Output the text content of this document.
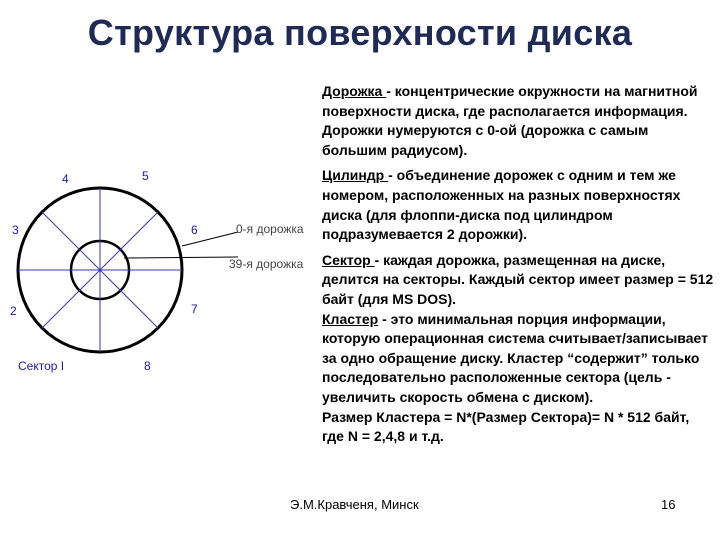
Структура поверхности диска
4	5
3	6
2	7
8
Сектор I
0-я дорожка
39-я дорожка

Дорожка - концентрические окружности на магнитной поверхности диска, где располагается информация. Дорожки нумеруются с 0-ой (дорожка с самым большим радиусом).

Цилиндр - объединение дорожек с одним и тем же номером, расположенных на разных поверхностях диска (для флоппи-диска под цилиндром подразумевается 2 дорожки).

Сектор - каждая дорожка, размещенная на диске, делится на секторы. Каждый сектор имеет размер = 512 байт (для MS DOS).

Кластер - это минимальная порция информации, которую операционная система считывает/записывает за одно обращение диску. Кластер “содержит” только последовательно расположенные сектора (цель - увеличить скорость обмена с диском).

Размер Кластера = N*(Размер Сектора)= N * 512 байт, где N = 2,4,8 и т.д.

Э.М.Кравченя, Минск	16
